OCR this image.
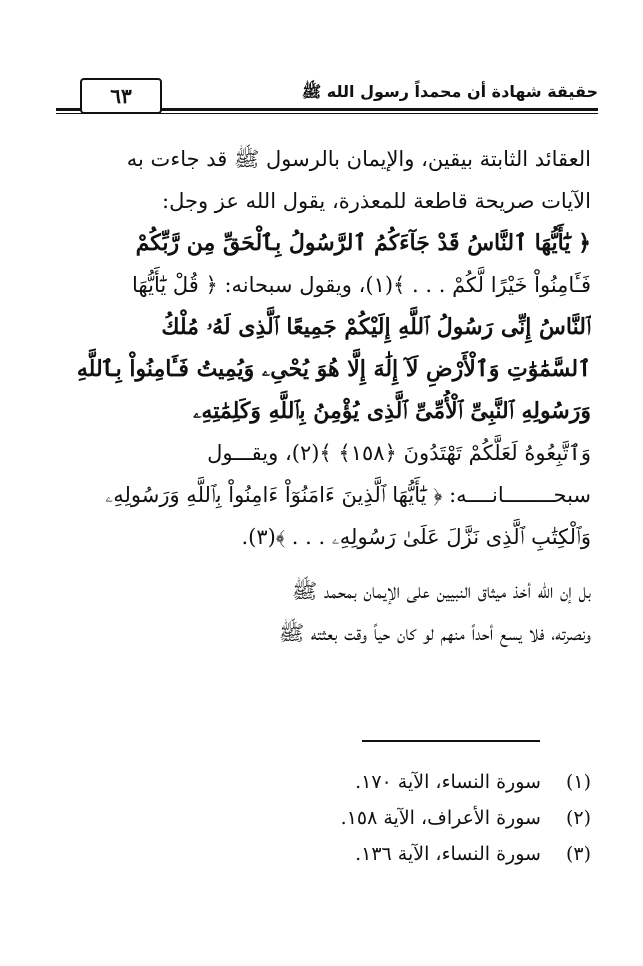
حقيقة شهادة أن محمداً رسول الله ﷺ
٦٣
العقائد الثابتة بيقين، والإيمان بالرسول ﷺ قد جاءت به
الآيات صريحة قاطعة للمعذرة، يقول الله عز وجل:
﴿ يَٰٓأَيُّهَا ٱلنَّاسُ قَدْ جَآءَكُمُ ٱلرَّسُولُ بِٱلْحَقِّ مِن رَّبِّكُمْ
فَـَٔامِنُواْ خَيْرًا لَّكُمْ . . . ﴾(١)، ويقول سبحانه: ﴿ قُلْ يَٰٓأَيُّهَا
ٱلنَّاسُ إِنِّى رَسُولُ ٱللَّهِ إِلَيْكُمْ جَمِيعًا ٱلَّذِى لَهُۥ مُلْكُ
ٱلسَّمَٰوَٰتِ وَٱلْأَرْضِ لَآ إِلَٰهَ إِلَّا هُوَ يُحْىِۦ وَيُمِيتُ فَـَٔامِنُواْ بِٱللَّهِ
وَرَسُولِهِ ٱلنَّبِىِّ ٱلْأُمِّىِّ ٱلَّذِى يُؤْمِنُ بِٱللَّهِ وَكَلِمَٰتِهِۦ
وَٱتَّبِعُوهُ لَعَلَّكُمْ تَهْتَدُونَ ﴿١٥٨﴾ ﴾(٢)، ويقـــول
سبحــــــــانــــه: ﴿ يَٰٓأَيُّهَا ٱلَّذِينَ ءَامَنُوٓاْ ءَامِنُواْ بِٱللَّهِ وَرَسُولِهِۦ
وَٱلْكِتَٰبِ ٱلَّذِى نَزَّلَ عَلَىٰ رَسُولِهِۦ . . . ﴾(٣).
بل إن الله أخذ ميثاق النبيين على الإيمان بمحمد ﷺ
ونصرته، فلا يسع أحداً منهم لو كان حياً وقت بعثته ﷺ
(١) سورة النساء، الآية ١٧٠.
(٢) سورة الأعراف، الآية ١٥٨.
(٣) سورة النساء، الآية ١٣٦.
